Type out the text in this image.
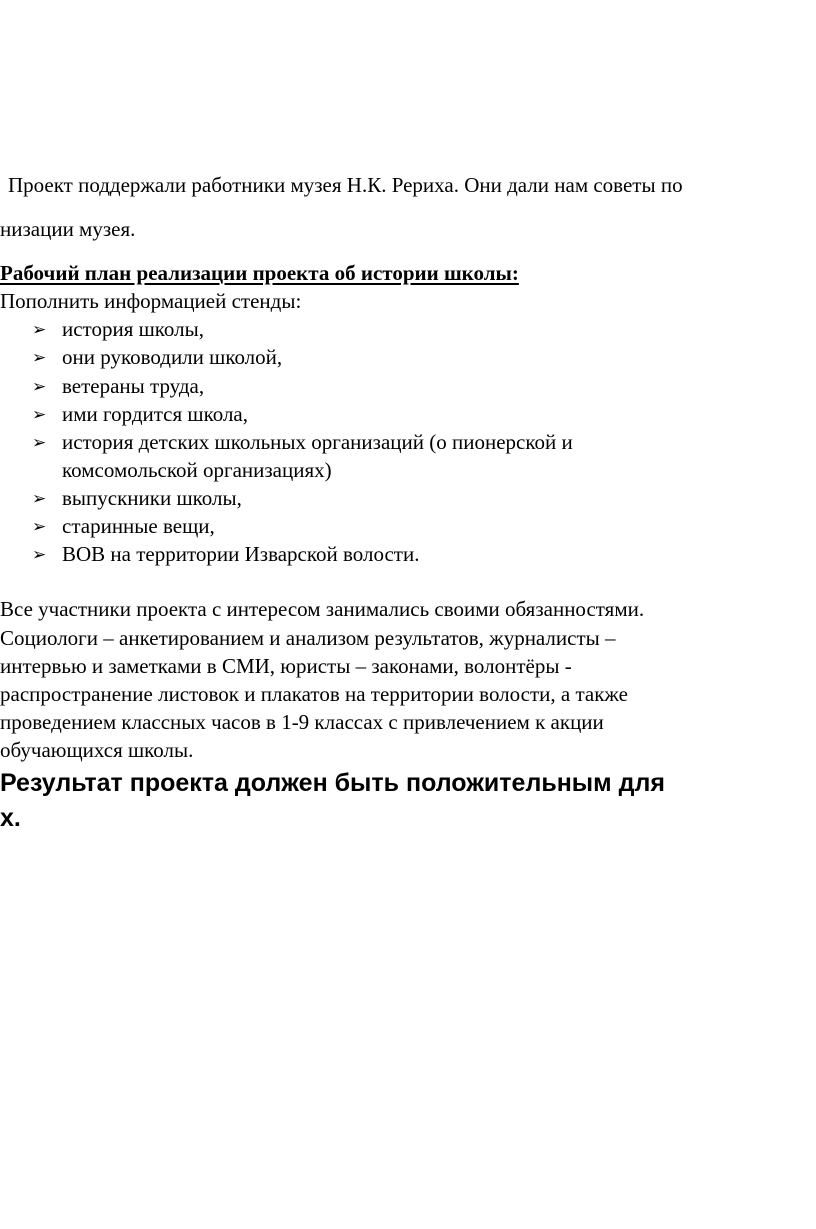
Проект поддержали работники музея Н.К. Рериха. Они дали нам советы по
низации музея.
Рабочий план реализации проекта об истории школы:
Пополнить информацией стенды:
➢ история школы,
➢ они руководили школой,
➢ ветераны труда,
➢ ими гордится школа,
➢ история детских школьных организаций (о пионерской и
комсомольской организациях)
➢ выпускники школы,
➢ старинные вещи,
➢ ВОВ на территории Изварской волости.
Все участники проекта с интересом занимались своими обязанностями.
Социологи – анкетированием и анализом результатов, журналисты –
интервью и заметками в СМИ, юристы – законами, волонтёры -
распространение листовок и плакатов на территории волости, а также
проведением классных часов в 1-9 классах с привлечением к акции
обучающихся школы.
Результат проекта должен быть положительным для
х.
